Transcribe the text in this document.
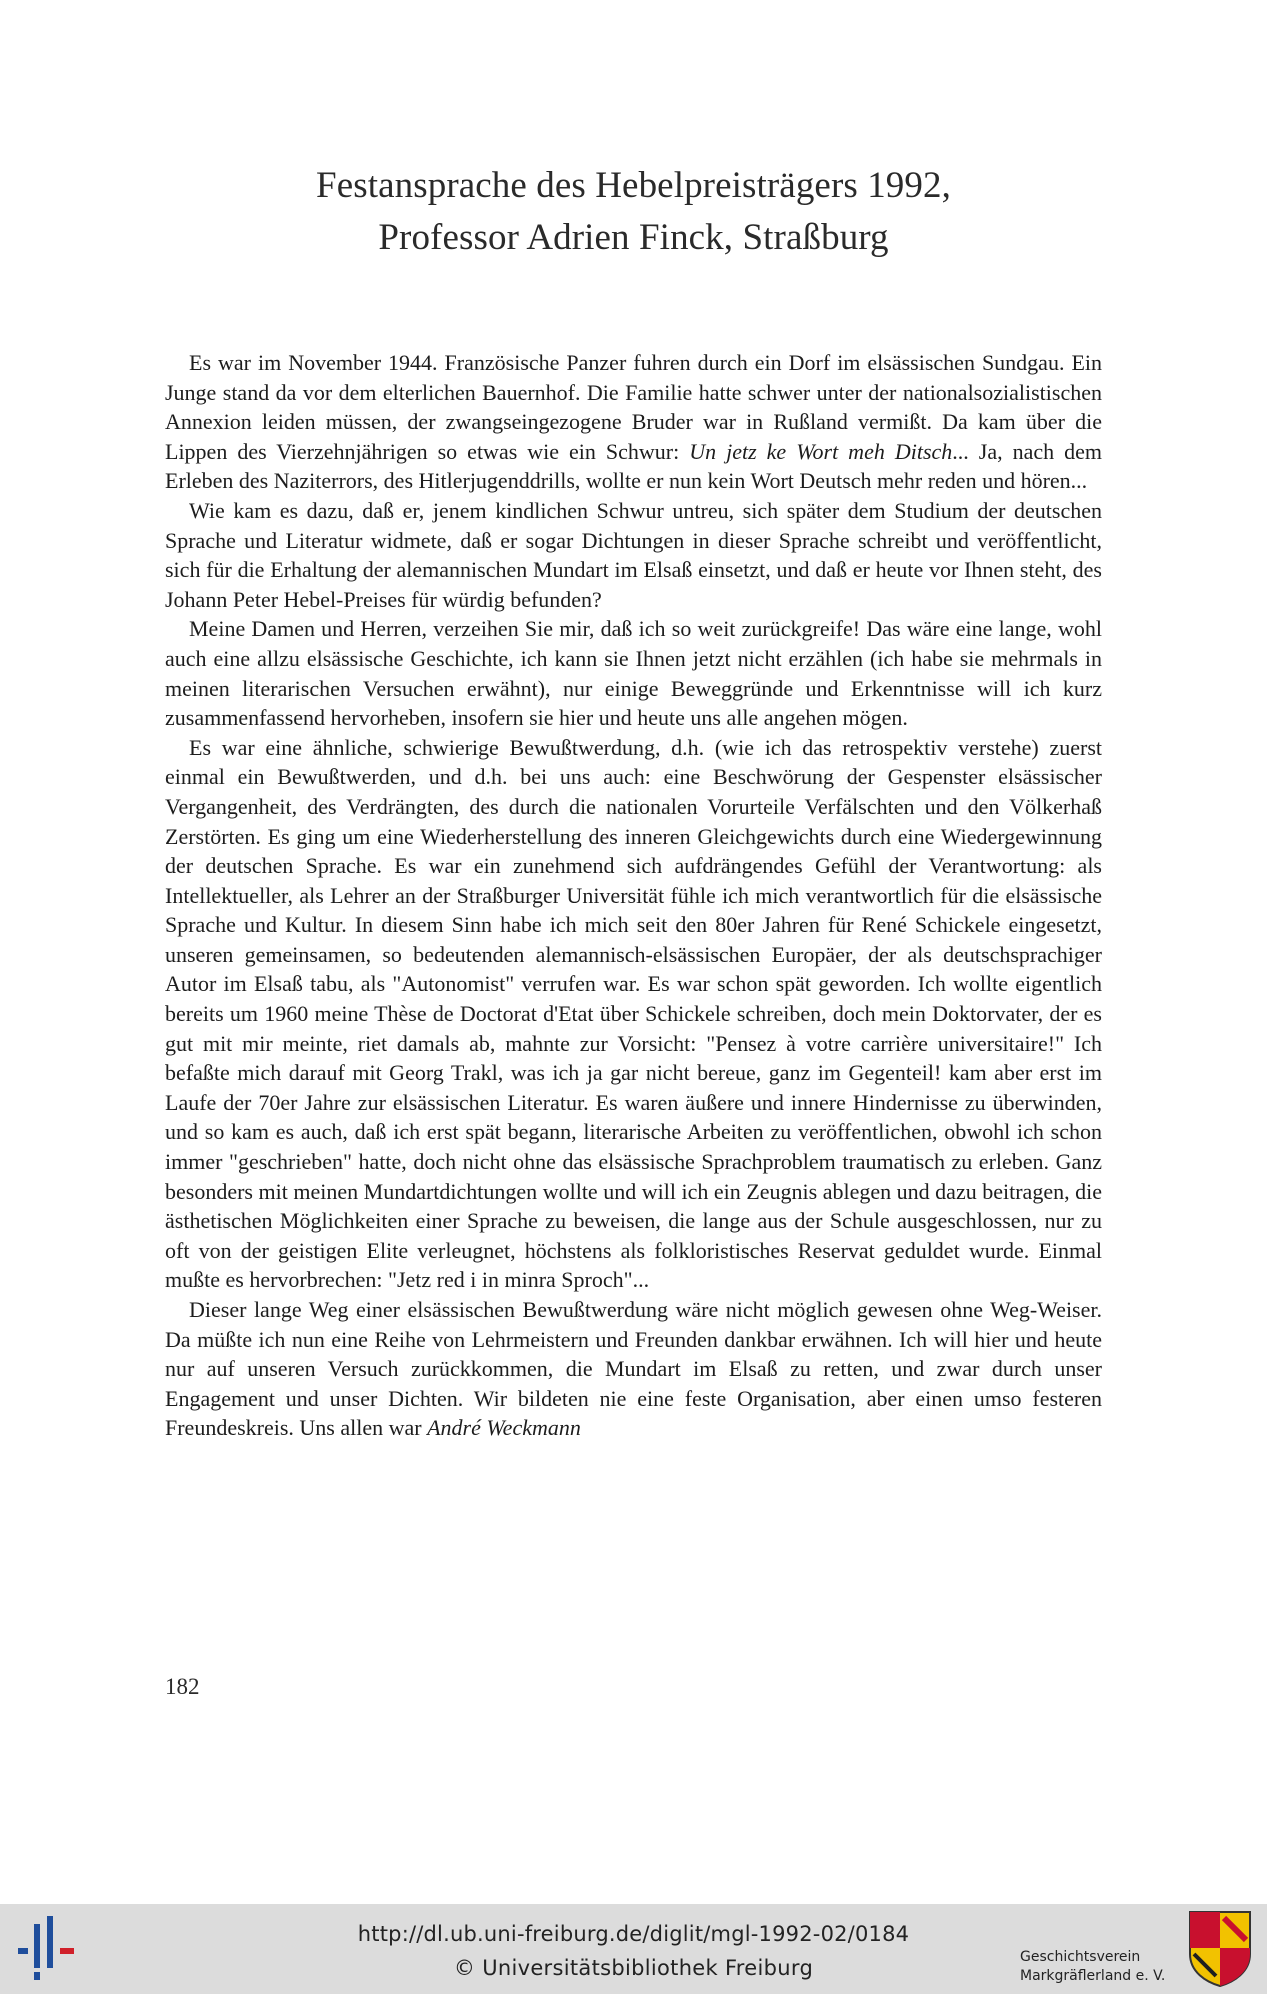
Festansprache des Hebelpreisträgers 1992,
Professor Adrien Finck, Straßburg

Es war im November 1944. Französische Panzer fuhren durch ein Dorf im elsässischen Sundgau. Ein Junge stand da vor dem elterlichen Bauernhof. Die Familie hatte schwer unter der nationalsozialistischen Annexion leiden müssen, der zwangseingezogene Bruder war in Rußland vermißt. Da kam über die Lippen des Vierzehnjährigen so etwas wie ein Schwur: Un jetz ke Wort meh Ditsch... Ja, nach dem Erleben des Naziterrors, des Hitlerjugenddrills, wollte er nun kein Wort Deutsch mehr reden und hören...

Wie kam es dazu, daß er, jenem kindlichen Schwur untreu, sich später dem Studium der deutschen Sprache und Literatur widmete, daß er sogar Dichtungen in dieser Sprache schreibt und veröffentlicht, sich für die Erhaltung der alemannischen Mundart im Elsaß einsetzt, und daß er heute vor Ihnen steht, des Johann Peter Hebel-Preises für würdig befunden?

Meine Damen und Herren, verzeihen Sie mir, daß ich so weit zurückgreife! Das wäre eine lange, wohl auch eine allzu elsässische Geschichte, ich kann sie Ihnen jetzt nicht erzählen (ich habe sie mehrmals in meinen literarischen Versuchen erwähnt), nur einige Beweggründe und Erkenntnisse will ich kurz zusammenfassend hervorheben, insofern sie hier und heute uns alle angehen mögen.

Es war eine ähnliche, schwierige Bewußtwerdung, d.h. (wie ich das retrospektiv verstehe) zuerst einmal ein Bewußtwerden, und d.h. bei uns auch: eine Beschwörung der Gespenster elsässischer Vergangenheit, des Verdrängten, des durch die nationalen Vorurteile Verfälschten und den Völkerhaß Zerstörten. Es ging um eine Wiederherstellung des inneren Gleichgewichts durch eine Wiedergewinnung der deutschen Sprache. Es war ein zunehmend sich aufdrängendes Gefühl der Verantwortung: als Intellektueller, als Lehrer an der Straßburger Universität fühle ich mich verantwortlich für die elsässische Sprache und Kultur. In diesem Sinn habe ich mich seit den 80er Jahren für René Schickele eingesetzt, unseren gemeinsamen, so bedeutenden alemannisch-elsässischen Europäer, der als deutschsprachiger Autor im Elsaß tabu, als "Autonomist" verrufen war. Es war schon spät geworden. Ich wollte eigentlich bereits um 1960 meine Thèse de Doctorat d'Etat über Schickele schreiben, doch mein Doktorvater, der es gut mit mir meinte, riet damals ab, mahnte zur Vorsicht: "Pensez à votre carrière universitaire!" Ich befaßte mich darauf mit Georg Trakl, was ich ja gar nicht bereue, ganz im Gegenteil! kam aber erst im Laufe der 70er Jahre zur elsässischen Literatur. Es waren äußere und innere Hindernisse zu überwinden, und so kam es auch, daß ich erst spät begann, literarische Arbeiten zu veröffentlichen, obwohl ich schon immer "geschrieben" hatte, doch nicht ohne das elsässische Sprachproblem traumatisch zu erleben. Ganz besonders mit meinen Mundartdichtungen wollte und will ich ein Zeugnis ablegen und dazu beitragen, die ästhetischen Möglichkeiten einer Sprache zu beweisen, die lange aus der Schule ausgeschlossen, nur zu oft von der geistigen Elite verleugnet, höchstens als folkloristisches Reservat geduldet wurde. Einmal mußte es hervorbrechen: "Jetz red i in minra Sproch"...

Dieser lange Weg einer elsässischen Bewußtwerdung wäre nicht möglich gewesen ohne Weg-Weiser. Da müßte ich nun eine Reihe von Lehrmeistern und Freunden dankbar erwähnen. Ich will hier und heute nur auf unseren Versuch zurückkommen, die Mundart im Elsaß zu retten, und zwar durch unser Engagement und unser Dichten. Wir bildeten nie eine feste Organisation, aber einen umso festeren Freundeskreis. Uns allen war André Weckmann

182
http://dl.ub.uni-freiburg.de/diglit/mgl-1992-02/0184
© Universitätsbibliothek Freiburg	Geschichtsverein
Markgräflerland e. V.
